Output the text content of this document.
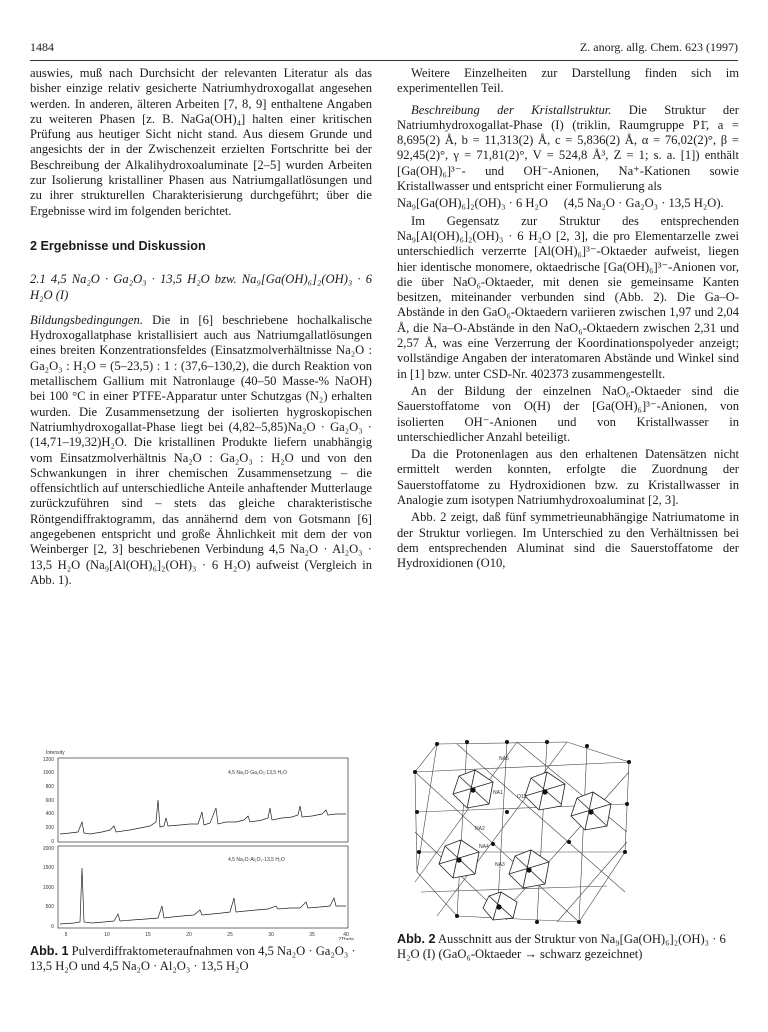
1484	Z. anorg. allg. Chem. 623 (1997)

auswies, muß nach Durchsicht der relevanten Literatur als das bisher einzige relativ gesicherte Natriumhydroxogallat angesehen werden. In anderen, älteren Arbeiten [7, 8, 9] enthaltene Angaben zu weiteren Phasen [z. B. NaGa(OH)₄] halten einer kritischen Prüfung aus heutiger Sicht nicht stand. Aus diesem Grunde und angesichts der in der Zwischenzeit erzielten Fortschritte bei der Beschreibung der Alkalihydroxoaluminate [2–5] wurden Arbeiten zur Isolierung kristalliner Phasen aus Natriumgallatlösungen und zu ihrer strukturellen Charakterisierung durchgeführt; über die Ergebnisse wird im folgenden berichtet.

2 Ergebnisse und Diskussion
2.1 4,5 Na₂O · Ga₂O₃ · 13,5 H₂O bzw. Na₉[Ga(OH)₆]₂(OH)₃ · 6 H₂O (I)

Bildungsbedingungen. Die in [6] beschriebene hochalkalische Hydroxogallatphase kristallisiert auch aus Natriumgallatlösungen eines breiten Konzentrationsfeldes (Einsatzmolverhältnisse Na₂O : Ga₂O₃ : H₂O = (5–23,5) : 1 : (37,6–130,2), die durch Reaktion von metallischem Gallium mit Natronlauge (40–50 Masse-% NaOH) bei 100 °C in einer PTFE-Apparatur unter Schutzgas (N₂) erhalten wurden. Die Zusammensetzung der isolierten hygroskopischen Natriumhydroxogallat-Phase liegt bei (4,82–5,85)Na₂O · Ga₂O₃ · (14,71–19,32)H₂O. Die kristallinen Produkte liefern unabhängig vom Einsatzmolverhältnis Na₂O : Ga₂O₃ : H₂O und von den Schwankungen in ihrer chemischen Zusammensetzung – die offensichtlich auf unterschiedliche Anteile anhaftender Mutterlauge zurückzuführen sind – stets das gleiche charakteristische Röntgendiffraktogramm, das annähernd dem von Gotsmann [6] angegebenen entspricht und große Ähnlichkeit mit dem der von Weinberger [2, 3] beschriebenen Verbindung 4,5 Na₂O · Al₂O₃ · 13,5 H₂O (Na₉[Al(OH)₆]₂(OH)₃ · 6 H₂O) aufweist (Vergleich in Abb. 1).

Weitere Einzelheiten zur Darstellung finden sich im experimentellen Teil.

Beschreibung der Kristallstruktur. Die Struktur der Natriumhydroxogallat-Phase (I) (triklin, Raumgruppe P1̄, a = 8,695(2) Å, b = 11,313(2) Å, c = 5,836(2) Å, α = 76,02(2)°, β = 92,45(2)°, γ = 71,81(2)°, V = 524,8 Å³, Z = 1; s. a. [1]) enthält [Ga(OH)₆]³⁻- und OH⁻-Anionen, Na⁺-Kationen sowie Kristallwasser und entspricht einer Formulierung als

Na₉[Ga(OH)₆]₂(OH)₃ · 6 H₂O (4,5 Na₂O · Ga₂O₃ · 13,5 H₂O).

Im Gegensatz zur Struktur des entsprechenden Na₉[Al(OH)₆]₂(OH)₃ · 6 H₂O [2, 3], die pro Elementarzelle zwei unterschiedlich verzerrte [Al(OH)₆]³⁻-Oktaeder aufweist, liegen hier identische monomere, oktaedrische [Ga(OH)₆]³⁻-Anionen vor, die über NaO₆-Oktaeder, mit denen sie gemeinsame Kanten besitzen, miteinander verbunden sind (Abb. 2). Die Ga–O-Abstände in den GaO₆-Oktaedern variieren zwischen 1,97 und 2,04 Å, die Na–O-Abstände in den NaO₆-Oktaedern zwischen 2,31 und 2,57 Å, was eine Verzerrung der Koordinationspolyeder anzeigt; vollständige Angaben der interatomaren Abstände und Winkel sind in [1] bzw. unter CSD-Nr. 402373 zusammengestellt.

An der Bildung der einzelnen NaO₆-Oktaeder sind die Sauerstoffatome von O(H) der [Ga(OH)₆]³⁻-Anionen, von isolierten OH⁻-Anionen und von Kristallwasser in unterschiedlicher Anzahl beteiligt.

Da die Protonenlagen aus den erhaltenen Datensätzen nicht ermittelt werden konnten, erfolgte die Zuordnung der Sauerstoffatome zu Hydroxidionen bzw. zu Kristallwasser in Analogie zum isotypen Natriumhydroxoaluminat [2, 3].

Abb. 2 zeigt, daß fünf symmetrieunabhängige Natriumatome in der Struktur vorliegen. Im Unterschied zu den Verhältnissen bei dem entsprechenden Aluminat sind die Sauerstoffatome der Hydroxidionen (O10,

Intensity
1200
1000
800
600
400
200
0
2000
1500
1000
500
0
4,5 Na₂O·Ga₂O₃·13,5 H₂O
4,5 Na₂O·Al₂O₃·13,5 H₂O
5	10	15	20	25	30	35	40
2Theta
Abb. 1 Pulverdiffraktometeraufnahmen von 4,5 Na₂O · Ga₂O₃ · 13,5 H₂O und 4,5 Na₂O · Al₂O₃ · 13,5 H₂O
NA5
NA1
O11
NA2
NA4
NA3
Abb. 2 Ausschnitt aus der Struktur von Na₉[Ga(OH)₆]₂(OH)₃ · 6 H₂O (I) (GaO₆-Oktaeder → schwarz gezeichnet)
